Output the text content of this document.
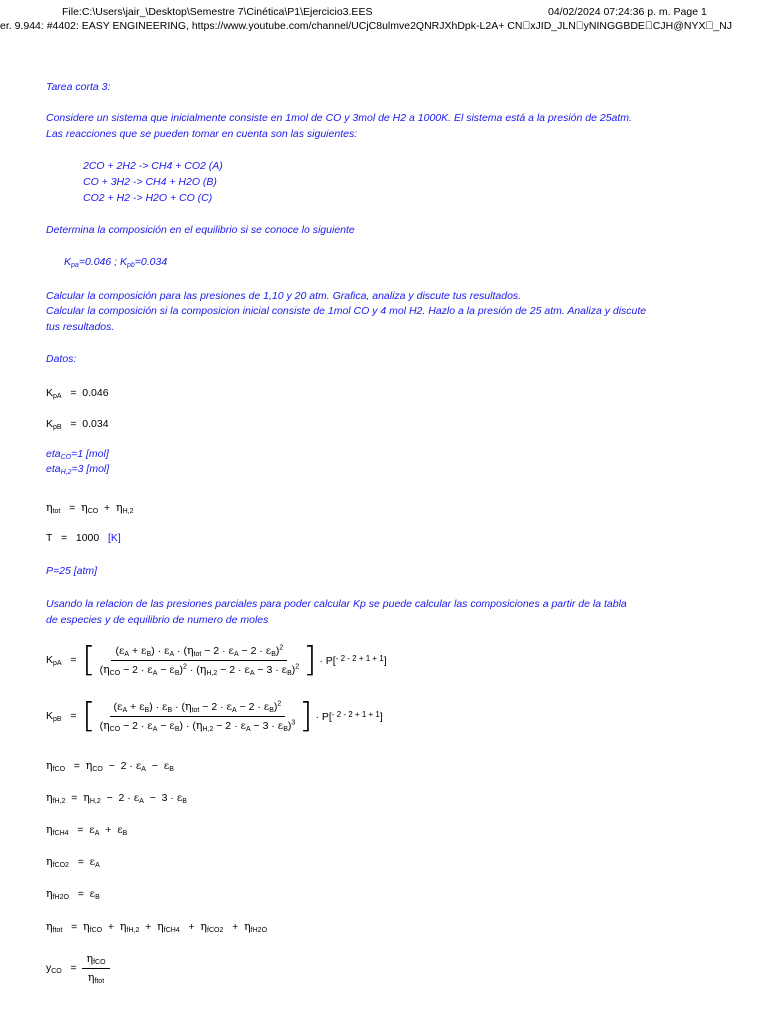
File:C:\Users\jair_\Desktop\Semestre 7\Cinética\P1\Ejercicio3.EES	04/02/2024 07:24:36 p. m. Page 1
er. 9.944: #4402: EASY ENGINEERING, https://www.youtube.com/channel/UCjC8ulmve2QNRJXhDpk-L2A+ CN xJID_JLN yNINGGBDE CJH@NYX _NJ
Tarea corta 3:
Considere un sistema que inicialmente consiste en 1mol de CO y 3mol de H2 a 1000K. El sistema está a la presión de 25atm.
Las reacciones que se pueden tomar en cuenta son las siguientes:
2CO + 2H2 -> CH4 + CO2 (A)
CO + 3H2 -> CH4 + H2O (B)
CO2 + H2 -> H2O + CO (C)
Determina la composición en el equilibrio si se conoce lo siguiente
$K_{pa}=0.046$ ; $K_{pb}=0.034$
Calcular la composición para las presiones de 1,10 y 20 atm. Grafica, analiza y discute tus resultados.
Calcular la composición si la composicion inicial consiste de 1mol CO y 4 mol H2. Hazlo a la presión de 25 atm. Analiza y discute
tus resultados.
Datos:
$K_{pA} = 0.046$
$K_{pB} = 0.034$
eta$_{CO}$=1 [mol]
eta$_{H,2}$=3 [mol]
$\eta_{tot} = \eta_{CO} + \eta_{H,2}$
T   =   1000 [K]
P=25 [atm]
Usando la relacion de las presiones parciales para poder calcular Kp se puede calcular las composiciones a partir de la tabla
de especies y de equilibrio de numero de moles
$K_{pA}$   =  [ $\frac{(\varepsilon_A + \varepsilon_B) \cdot \varepsilon_A \cdot (\eta_{tot} - 2 \cdot \varepsilon_A - 2 \cdot \varepsilon_B)^2}{(\eta_{CO} - 2 \cdot \varepsilon_A - \varepsilon_B)^2 \cdot (\eta_{H,2} - 2 \cdot \varepsilon_A - 3 \cdot \varepsilon_B)^2}$ ] · P[$^{- 2 - 2 + 1 + 1}$]
$K_{pB}$   =  [ $\frac{(\varepsilon_A + \varepsilon_B) \cdot \varepsilon_B \cdot (\eta_{tot} - 2 \cdot \varepsilon_A - 2 \cdot \varepsilon_B)^2}{(\eta_{CO} - 2 \cdot \varepsilon_A - \varepsilon_B) \cdot (\eta_{H,2} - 2 \cdot \varepsilon_A - 3 \cdot \varepsilon_B)^3}$ ] · P[$^{- 2 - 2 + 1 + 1}$]
$\eta_{fCO} = \eta_{CO} - 2 \cdot \varepsilon_A - \varepsilon_B$
$\eta_{fH,2} = \eta_{H,2} - 2 \cdot \varepsilon_A - 3 \cdot \varepsilon_B$
$\eta_{fCH4} = \varepsilon_A + \varepsilon_B$
$\eta_{fCO2} = \varepsilon_A$
$\eta_{fH2O} = \varepsilon_B$
$\eta_{ftot} = \eta_{fCO} + \eta_{fH,2} + \eta_{fCH4} + \eta_{fCO2} + \eta_{fH2O}$
$y_{CO} = \frac{\eta_{fCO}}{\eta_{ftot}}$
